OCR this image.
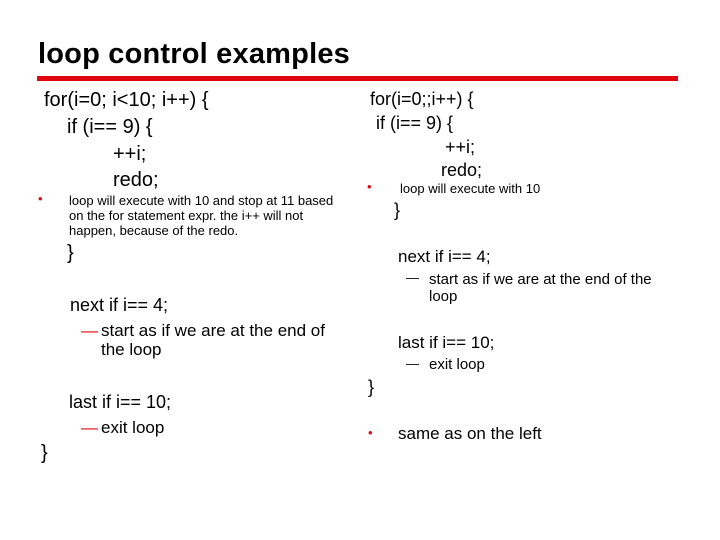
loop control examples
for(i=0; i<10; i++) {
if (i== 9) {
++i;
redo;
• loop will execute with 10 and stop at 11 based on the for statement expr. the i++ will not happen, because of the redo.
}
next if i== 4;
— start as if we are at the end of the loop
last if i== 10;
— exit loop
}
for(i=0;;i++) {
if (i== 9) {
++i;
redo;
• loop will execute with 10
}
next if i== 4;
— start as if we are at the end of the loop
last if i== 10;
— exit loop
}
• same as on the left
